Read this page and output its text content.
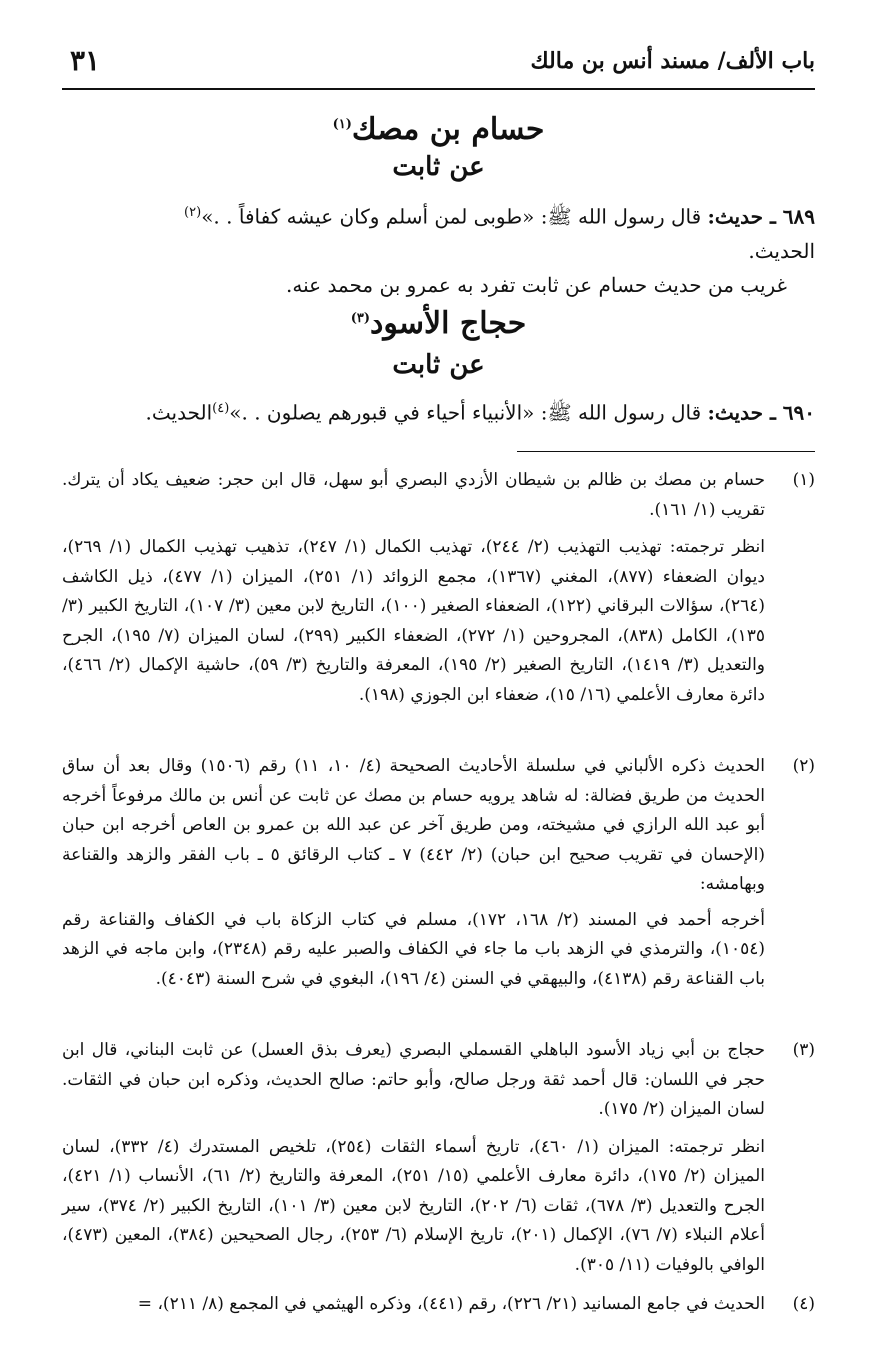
باب الألف/ مسند أنس بن مالك
٣١
حسام بن مصك$^{(١)}$
عن ثابت
٦٨٩ ـ حديث: قال رسول الله ﷺ: «طوبى لمن أسلم وكان عيشه كفافاً . .»$^{(٢)}$
الحديث.
غريب من حديث حسام عن ثابت تفرد به عمرو بن محمد عنه.
حجاج الأسود$^{(٣)}$
عن ثابت
٦٩٠ ـ حديث: قال رسول الله ﷺ: «الأنبياء أحياء في قبورهم يصلون . .»$^{(٤)}$الحديث.
(١)
حسام بن مصك بن ظالم بن شيطان الأزدي البصري أبو سهل، قال ابن حجر: ضعيف يكاد أن يترك. تقريب (١/ ١٦١).
انظر ترجمته: تهذيب التهذيب (٢/ ٢٤٤)، تهذيب الكمال (١/ ٢٤٧)، تذهيب تهذيب الكمال (١/ ٢٦٩)، ديوان الضعفاء (٨٧٧)، المغني (١٣٦٧)، مجمع الزوائد (١/ ٢٥١)، الميزان (١/ ٤٧٧)، ذيل الكاشف (٢٦٤)، سؤالات البرقاني (١٢٢)، الضعفاء الصغير (١٠٠)، التاريخ لابن معين (٣/ ١٠٧)، التاريخ الكبير (٣/ ١٣٥)، الكامل (٨٣٨)، المجروحين (١/ ٢٧٢)، الضعفاء الكبير (٢٩٩)، لسان الميزان (٧/ ١٩٥)، الجرح والتعديل (٣/ ١٤١٩)، التاريخ الصغير (٢/ ١٩٥)، المعرفة والتاريخ (٣/ ٥٩)، حاشية الإكمال (٢/ ٤٦٦)، دائرة معارف الأعلمي (١٦/ ١٥)، ضعفاء ابن الجوزي (١٩٨).
(٢)
الحديث ذكره الألباني في سلسلة الأحاديث الصحيحة (٤/ ١٠، ١١) رقم (١٥٠٦) وقال بعد أن ساق الحديث من طريق فضالة: له شاهد يرويه حسام بن مصك عن ثابت عن أنس بن مالك مرفوعاً أخرجه أبو عبد الله الرازي في مشيخته، ومن طريق آخر عن عبد الله بن عمرو بن العاص أخرجه ابن حبان (الإحسان في تقريب صحيح ابن حبان) (٢/ ٤٤٢) ٧ ـ كتاب الرقائق ٥ ـ باب الفقر والزهد والقناعة وبهامشه:
أخرجه أحمد في المسند (٢/ ١٦٨، ١٧٢)، مسلم في كتاب الزكاة باب في الكفاف والقناعة رقم (١٠٥٤)، والترمذي في الزهد باب ما جاء في الكفاف والصبر عليه رقم (٢٣٤٨)، وابن ماجه في الزهد باب القناعة رقم (٤١٣٨)، والبيهقي في السنن (٤/ ١٩٦)، البغوي في شرح السنة (٤٠٤٣).
(٣)
حجاج بن أبي زياد الأسود الباهلي القسملي البصري (يعرف بذق العسل) عن ثابت البناني، قال ابن حجر في اللسان: قال أحمد ثقة ورجل صالح، وأبو حاتم: صالح الحديث، وذكره ابن حبان في الثقات. لسان الميزان (٢/ ١٧٥).
انظر ترجمته: الميزان (١/ ٤٦٠)، تاريخ أسماء الثقات (٢٥٤)، تلخيص المستدرك (٤/ ٣٣٢)، لسان الميزان (٢/ ١٧٥)، دائرة معارف الأعلمي (١٥/ ٢٥١)، المعرفة والتاريخ (٢/ ٦١)، الأنساب (١/ ٤٢١)، الجرح والتعديل (٣/ ٦٧٨)، ثقات (٦/ ٢٠٢)، التاريخ لابن معين (٣/ ١٠١)، التاريخ الكبير (٢/ ٣٧٤)، سير أعلام النبلاء (٧/ ٧٦)، الإكمال (٢٠١)، تاريخ الإسلام (٦/ ٢٥٣)، رجال الصحيحين (٣٨٤)، المعين (٤٧٣)، الوافي بالوفيات (١١/ ٣٠٥).
(٤)
الحديث في جامع المسانيد (٢١/ ٢٢٦)، رقم (٤٤١)، وذكره الهيثمي في المجمع (٨/ ٢١١)، =
